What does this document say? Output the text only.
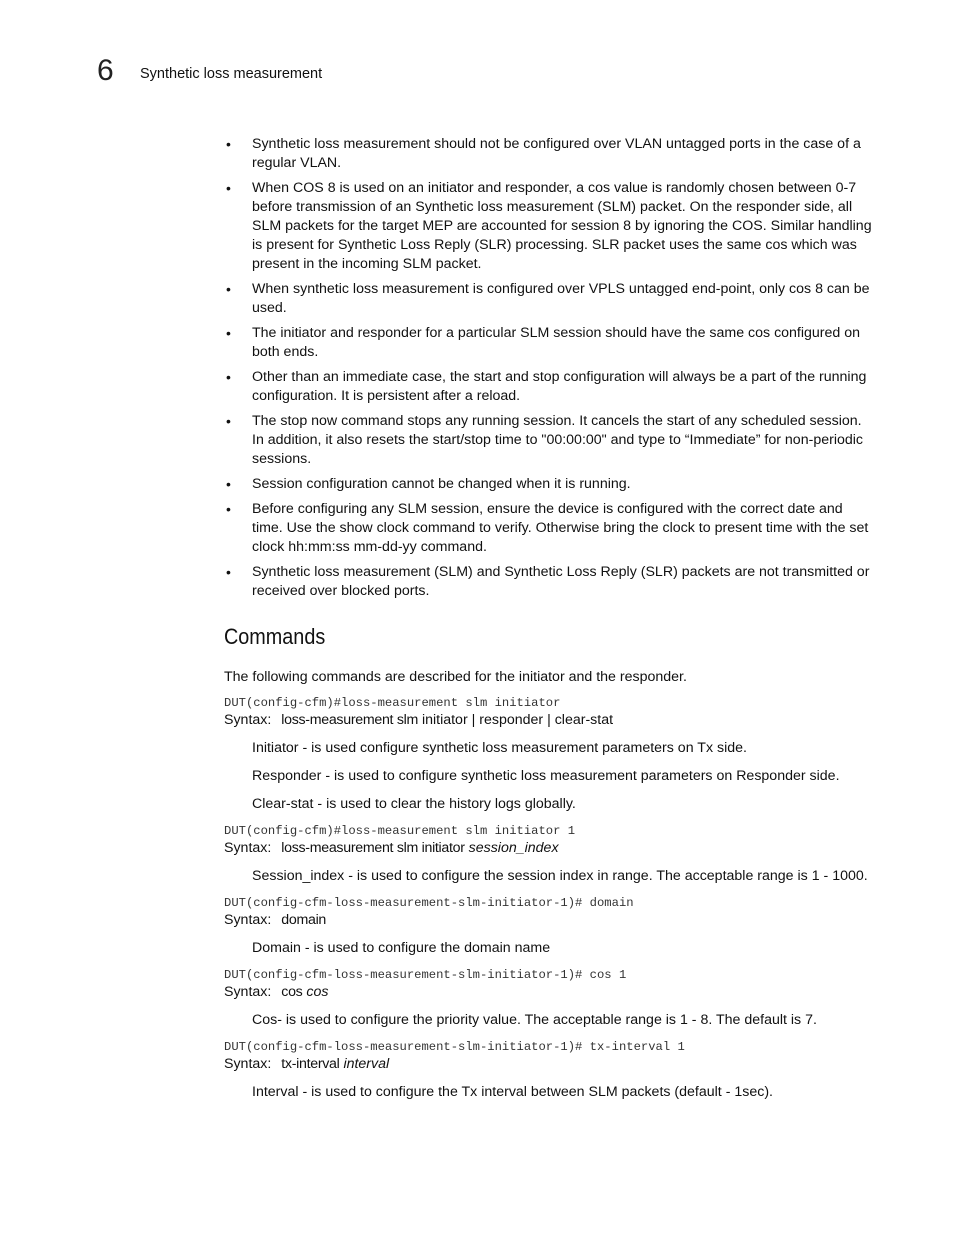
6 Synthetic loss measurement
• Synthetic loss measurement should not be configured over VLAN untagged ports in the case of a regular VLAN.
• When COS 8 is used on an initiator and responder, a cos value is randomly chosen between 0-7 before transmission of an Synthetic loss measurement (SLM) packet. On the responder side, all SLM packets for the target MEP are accounted for session 8 by ignoring the COS. Similar handling is present for Synthetic Loss Reply (SLR) processing. SLR packet uses the same cos which was present in the incoming SLM packet.
• When synthetic loss measurement is configured over VPLS untagged end-point, only cos 8 can be used.
• The initiator and responder for a particular SLM session should have the same cos configured on both ends.
• Other than an immediate case, the start and stop configuration will always be a part of the running configuration. It is persistent after a reload.
• The stop now command stops any running session. It cancels the start of any scheduled session. In addition, it also resets the start/stop time to "00:00:00" and type to “Immediate” for non-periodic sessions.
• Session configuration cannot be changed when it is running.
• Before configuring any SLM session, ensure the device is configured with the correct date and time. Use the show clock command to verify. Otherwise bring the clock to present time with the set clock hh:mm:ss mm-dd-yy command.
• Synthetic loss measurement (SLM) and Synthetic Loss Reply (SLR) packets are not transmitted or received over blocked ports.
Commands

The following commands are described for the initiator and the responder.

DUT(config-cfm)#loss-measurement slm initiator

Syntax: loss-measurement slm initiator | responder | clear-stat

Initiator - is used configure synthetic loss measurement parameters on Tx side.

Responder - is used to configure synthetic loss measurement parameters on Responder side.

Clear-stat - is used to clear the history logs globally.

DUT(config-cfm)#loss-measurement slm initiator 1

Syntax: loss-measurement slm initiator session_index

Session_index - is used to configure the session index in range. The acceptable range is 1 - 1000.

DUT(config-cfm-loss-measurement-slm-initiator-1)# domain

Syntax: domain

Domain - is used to configure the domain name

DUT(config-cfm-loss-measurement-slm-initiator-1)# cos 1

Syntax: cos cos

Cos- is used to configure the priority value. The acceptable range is 1 - 8. The default is 7.

DUT(config-cfm-loss-measurement-slm-initiator-1)# tx-interval 1

Syntax: tx-interval interval

Interval - is used to configure the Tx interval between SLM packets (default - 1sec).
